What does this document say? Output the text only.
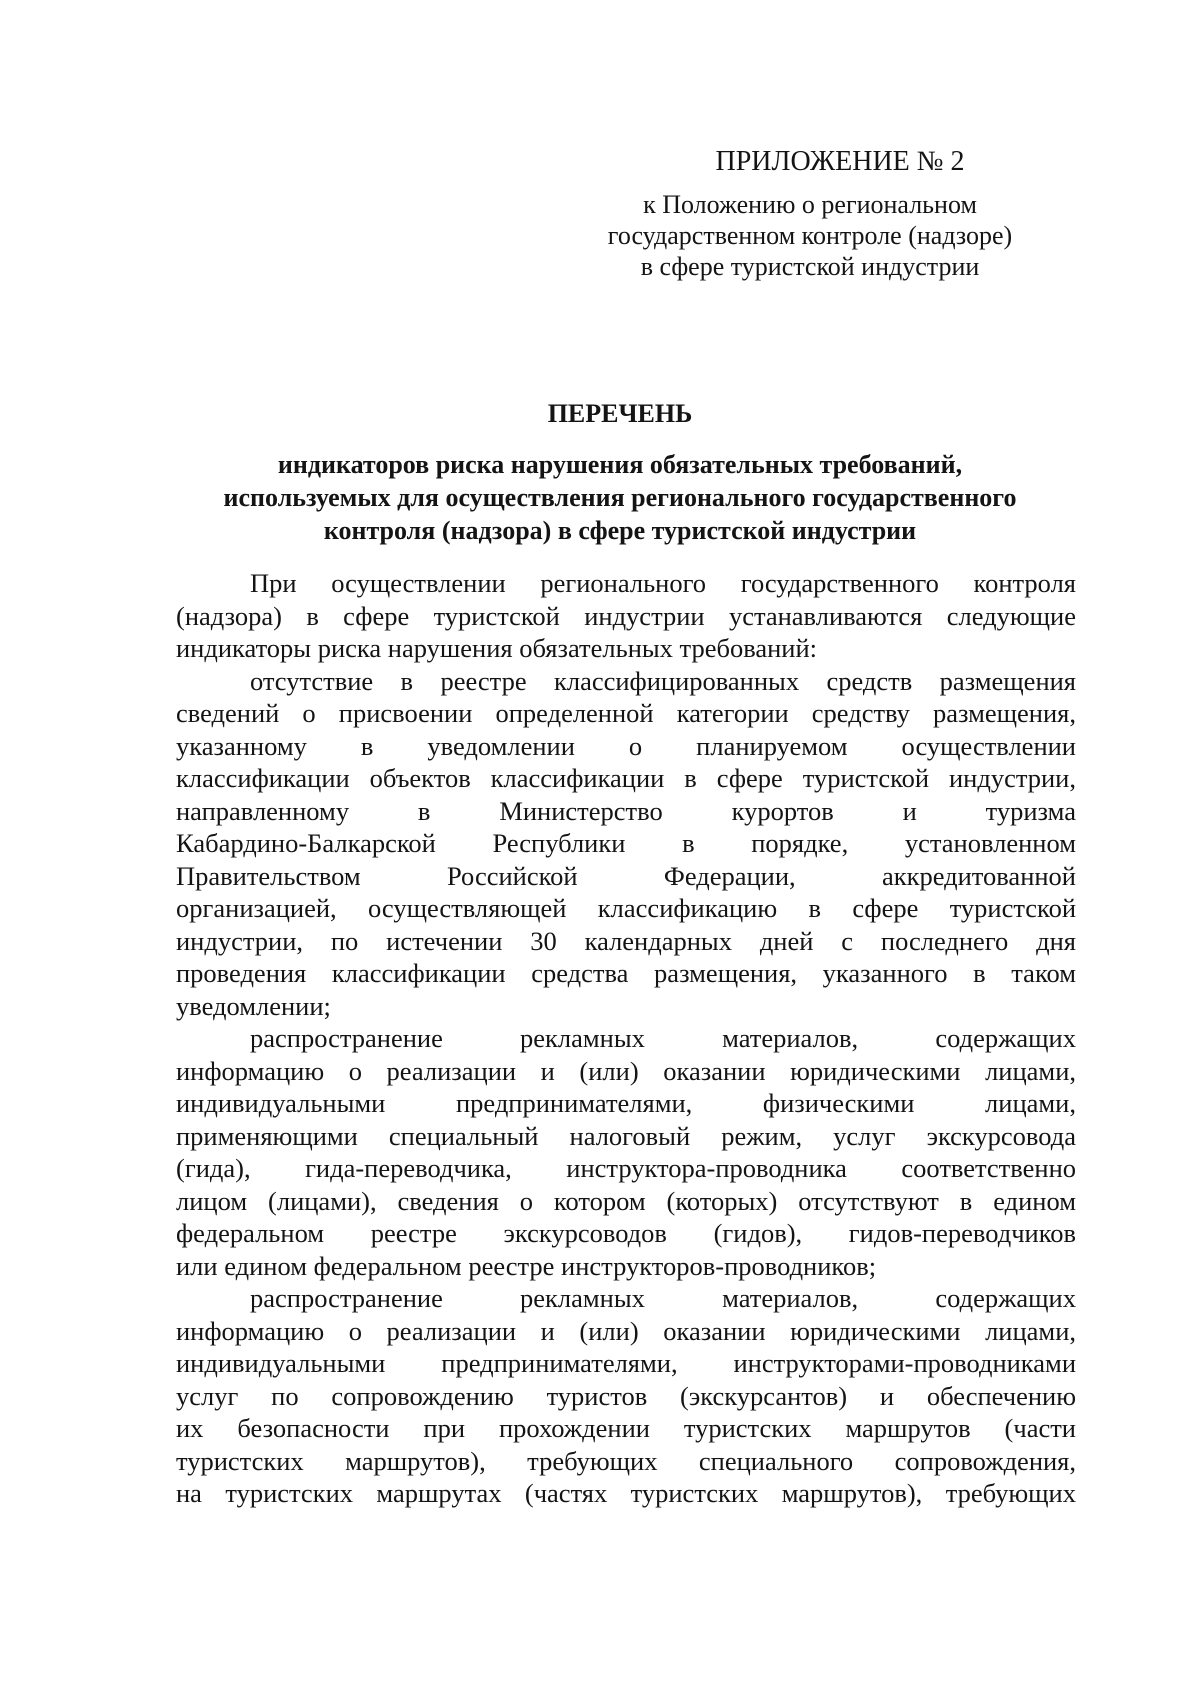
ПРИЛОЖЕНИЕ № 2
к Положению о региональном
государственном контроле (надзоре)
в сфере туристской индустрии
ПЕРЕЧЕНЬ
индикаторов риска нарушения обязательных требований,
используемых для осуществления регионального государственного
контроля (надзора) в сфере туристской индустрии
При осуществлении регионального государственного контроля
(надзора) в сфере туристской индустрии устанавливаются следующие
индикаторы риска нарушения обязательных требований:
отсутствие в реестре классифицированных средств размещения
сведений о присвоении определенной категории средству размещения,
указанному в уведомлении о планируемом осуществлении
классификации объектов классификации в сфере туристской индустрии,
направленному в Министерство курортов и туризма
Кабардино-Балкарской Республики в порядке, установленном
Правительством Российской Федерации, аккредитованной
организацией, осуществляющей классификацию в сфере туристской
индустрии, по истечении 30 календарных дней с последнего дня
проведения классификации средства размещения, указанного в таком
уведомлении;
распространение рекламных материалов, содержащих
информацию о реализации и (или) оказании юридическими лицами,
индивидуальными предпринимателями, физическими лицами,
применяющими специальный налоговый режим, услуг экскурсовода
(гида), гида-переводчика, инструктора-проводника соответственно
лицом (лицами), сведения о котором (которых) отсутствуют в едином
федеральном реестре экскурсоводов (гидов), гидов-переводчиков
или едином федеральном реестре инструкторов-проводников;
распространение рекламных материалов, содержащих
информацию о реализации и (или) оказании юридическими лицами,
индивидуальными предпринимателями, инструкторами-проводниками
услуг по сопровождению туристов (экскурсантов) и обеспечению
их безопасности при прохождении туристских маршрутов (части
туристских маршрутов), требующих специального сопровождения,
на туристских маршрутах (частях туристских маршрутов), требующих
